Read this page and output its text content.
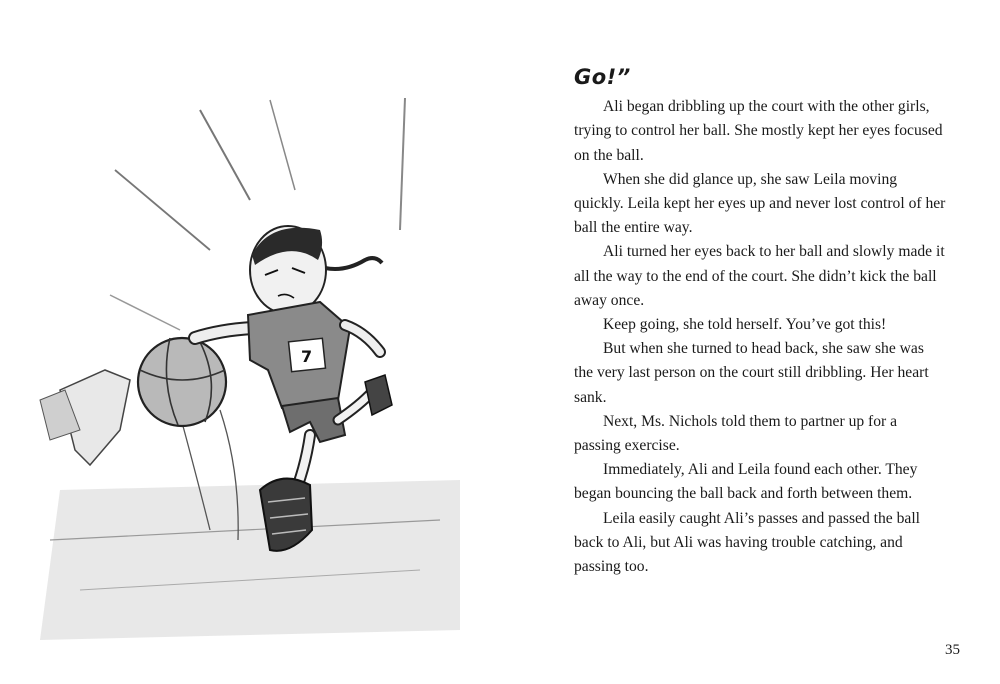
7
Go!”

Ali began dribbling up the court with the other girls, trying to control her ball. She mostly kept her eyes focused on the ball.

When she did glance up, she saw Leila moving quickly. Leila kept her eyes up and never lost control of her ball the entire way.

Ali turned her eyes back to her ball and slowly made it all the way to the end of the court. She didn’t kick the ball away once.

Keep going, she told herself. You’ve got this!

But when she turned to head back, she saw she was the very last person on the court still dribbling. Her heart sank.

Next, Ms. Nichols told them to partner up for a passing exercise.

Immediately, Ali and Leila found each other. They began bouncing the ball back and forth between them.

Leila easily caught Ali’s passes and passed the ball back to Ali, but Ali was having trouble catching, and passing too.

35
